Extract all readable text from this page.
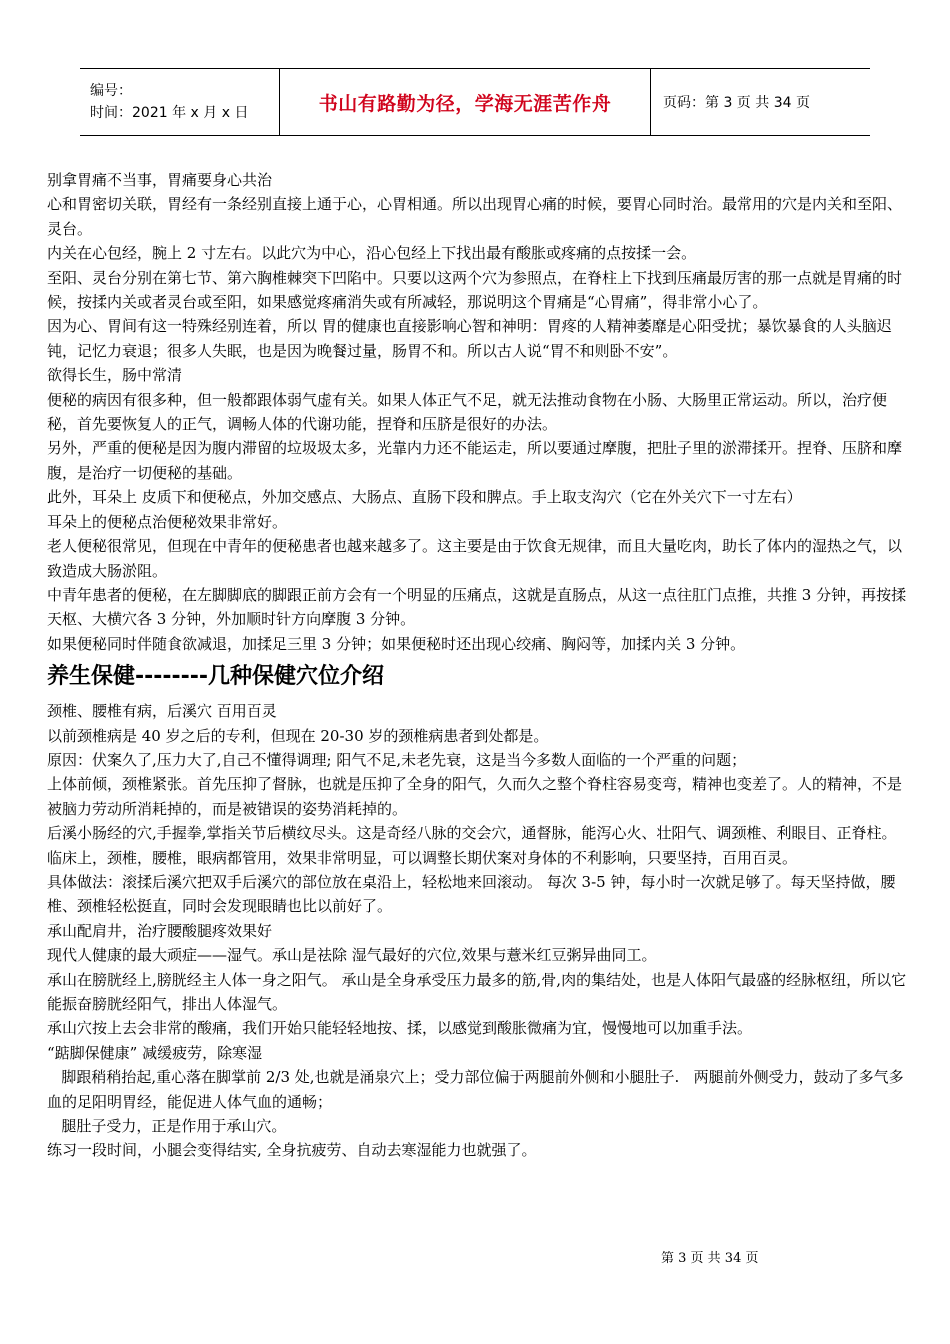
编号：
时间：2021 年 x 月 x 日	书山有路勤为径，学海无涯苦作舟	页码：第 3 页 共 34 页

别拿胃痛不当事，胃痛要身心共治

心和胃密切关联，胃经有一条经别直接上通于心，心胃相通。所以出现胃心痛的时候，要胃心同时治。最常用的穴是内关和至阳、灵台。

内关在心包经，腕上 2 寸左右。以此穴为中心，沿心包经上下找出最有酸胀或疼痛的点按揉一会。

至阳、灵台分别在第七节、第六胸椎棘突下凹陷中。只要以这两个穴为参照点，在脊柱上下找到压痛最厉害的那一点就是胃痛的时候，按揉内关或者灵台或至阳，如果感觉疼痛消失或有所减轻，那说明这个胃痛是“心胃痛”，得非常小心了。

因为心、胃间有这一特殊经别连着，所以 胃的健康也直接影响心智和神明：胃疼的人精神萎靡是心阳受扰；暴饮暴食的人头脑迟钝，记忆力衰退；很多人失眠，也是因为晚餐过量，肠胃不和。所以古人说“胃不和则卧不安”。

欲得长生，肠中常清

便秘的病因有很多种，但一般都跟体弱气虚有关。如果人体正气不足，就无法推动食物在小肠、大肠里正常运动。所以，治疗便秘，首先要恢复人的正气，调畅人体的代谢功能，捏脊和压脐是很好的办法。

另外，严重的便秘是因为腹内滞留的垃圾圾太多，光靠内力还不能运走，所以要通过摩腹，把肚子里的淤滞揉开。捏脊、压脐和摩腹，是治疗一切便秘的基础。

此外，耳朵上 皮质下和便秘点，外加交感点、大肠点、直肠下段和脾点。手上取支沟穴（它在外关穴下一寸左右）

耳朵上的便秘点治便秘效果非常好。

老人便秘很常见，但现在中青年的便秘患者也越来越多了。这主要是由于饮食无规律，而且大量吃肉，助长了体内的湿热之气，以致造成大肠淤阻。

中青年患者的便秘，在左脚脚底的脚跟正前方会有一个明显的压痛点，这就是直肠点，从这一点往肛门点推，共推 3 分钟，再按揉天枢、大横穴各 3 分钟，外加顺时针方向摩腹 3 分钟。

如果便秘同时伴随食欲减退，加揉足三里 3 分钟；如果便秘时还出现心绞痛、胸闷等，加揉内关 3 分钟。

养生保健--------几种保健穴位介绍

颈椎、腰椎有病，后溪穴 百用百灵

以前颈椎病是 40 岁之后的专利，但现在 20-30 岁的颈椎病患者到处都是。

原因：伏案久了,压力大了,自己不懂得调理; 阳气不足,未老先衰，这是当今多数人面临的一个严重的问题；

上体前倾，颈椎紧张。首先压抑了督脉，也就是压抑了全身的阳气，久而久之整个脊柱容易变弯，精神也变差了。人的精神，不是被脑力劳动所消耗掉的，而是被错误的姿势消耗掉的。

后溪小肠经的穴,手握拳,掌指关节后横纹尽头。这是奇经八脉的交会穴，通督脉，能泻心火、壮阳气、调颈椎、利眼目、正脊柱。 临床上，颈椎，腰椎，眼病都管用，效果非常明显，可以调整长期伏案对身体的不利影响，只要坚持，百用百灵。

具体做法：滚揉后溪穴把双手后溪穴的部位放在桌沿上，轻松地来回滚动。 每次 3-5 钟，每小时一次就足够了。每天坚持做，腰椎、颈椎轻松挺直，同时会发现眼睛也比以前好了。

承山配肩井，治疗腰酸腿疼效果好

现代人健康的最大顽症——湿气。承山是祛除 湿气最好的穴位,效果与薏米红豆粥异曲同工。

承山在膀胱经上,膀胱经主人体一身之阳气。 承山是全身承受压力最多的筋,骨,肉的集结处，也是人体阳气最盛的经脉枢纽，所以它能振奋膀胱经阳气，排出人体湿气。

承山穴按上去会非常的酸痛，我们开始只能轻轻地按、揉，以感觉到酸胀微痛为宜，慢慢地可以加重手法。

“踮脚保健康” 减缓疲劳，除寒湿

脚跟稍稍抬起,重心落在脚掌前 2/3 处,也就是涌泉穴上；受力部位偏于两腿前外侧和小腿肚子.   两腿前外侧受力，鼓动了多气多血的足阳明胃经，能促进人体气血的通畅；

腿肚子受力，正是作用于承山穴。

练习一段时间，小腿会变得结实, 全身抗疲劳、自动去寒湿能力也就强了。

第 3 页 共 34 页
